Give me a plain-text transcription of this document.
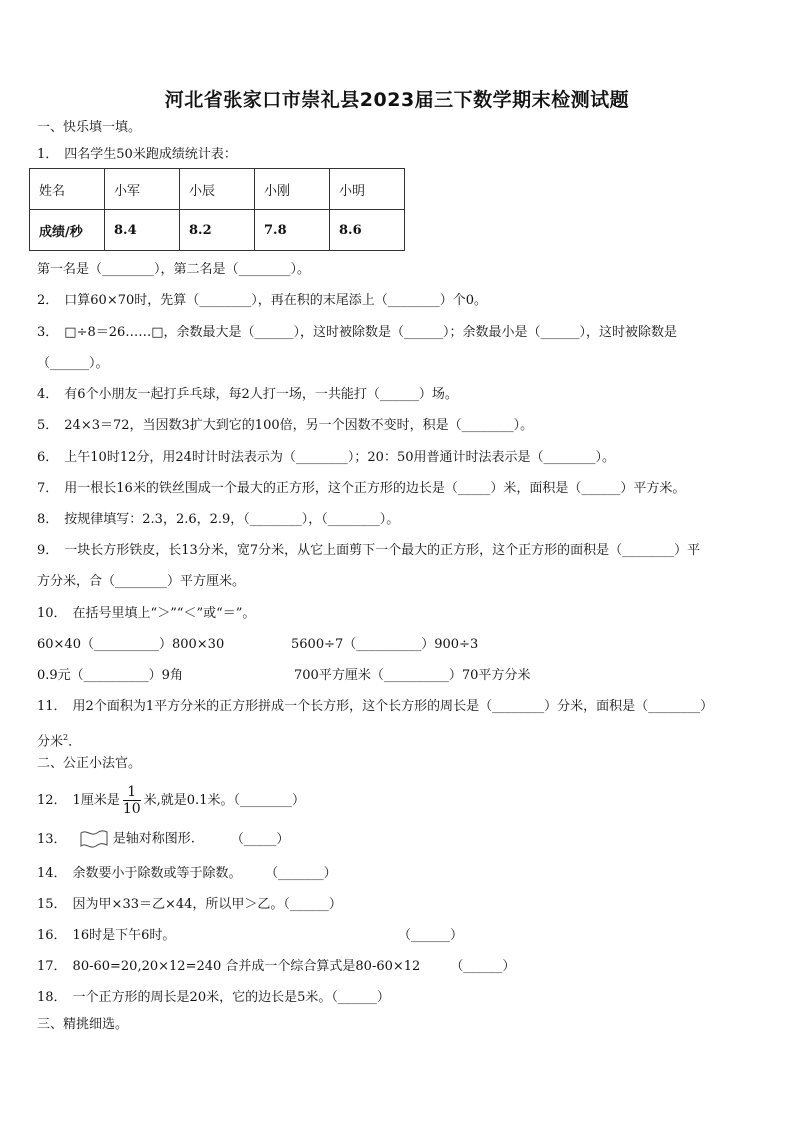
河北省张家口市崇礼县2023届三下数学期末检测试题
一、快乐填一填。
1． 四名学生50米跑成绩统计表：
姓名	小军	小辰	小刚	小明
成绩/秒	8.4	8.2	7.8	8.6
第一名是（________），第二名是（________）。
2． 口算60×70时，先算（________），再在积的末尾添上（________）个0。
3． □÷8＝26……□，余数最大是（______），这时被除数是（______）；余数最小是（______），这时被除数是
（______）。
4． 有6个小朋友一起打乒乓球，每2人打一场，一共能打（______）场。
5． 24×3＝72，当因数3扩大到它的100倍，另一个因数不变时，积是（________）。
6． 上午10时12分，用24时计时法表示为（________）；20：50用普通计时法表示是（________）。
7． 用一根长16米的铁丝围成一个最大的正方形，这个正方形的边长是（_____）米，面积是（______）平方米。
8． 按规律填写：2.3，2.6，2.9，（________），（________）。
9． 一块长方形铁皮，长13分米，宽7分米，从它上面剪下一个最大的正方形，这个正方形的面积是（________）平
方分米，合（________）平方厘米。
10． 在括号里填上“＞”“＜”或“＝”。
60×40（__________）800×30	5600÷7（__________）900÷3
0.9元（__________）9角	700平方厘米（__________）70平方分米
11． 用2个面积为1平方分米的正方形拼成一个长方形，这个长方形的周长是（________）分米，面积是（________）
分米$^2$．
二、公正小法官。
12． 1厘米是 $\frac{1}{10}$ 米,就是0.1米。（________）
13．	是轴对称图形.	（_____）
14． 余数要小于除数或等于除数。 （_______）
15． 因为甲×33＝乙×44，所以甲＞乙。（______）
16． 16时是下午6时。	（______）
17． 80-60=20,20×12=240 合并成一个综合算式是80-60×12 （______）
18． 一个正方形的周长是20米，它的边长是5米。（______）
三、精挑细选。
